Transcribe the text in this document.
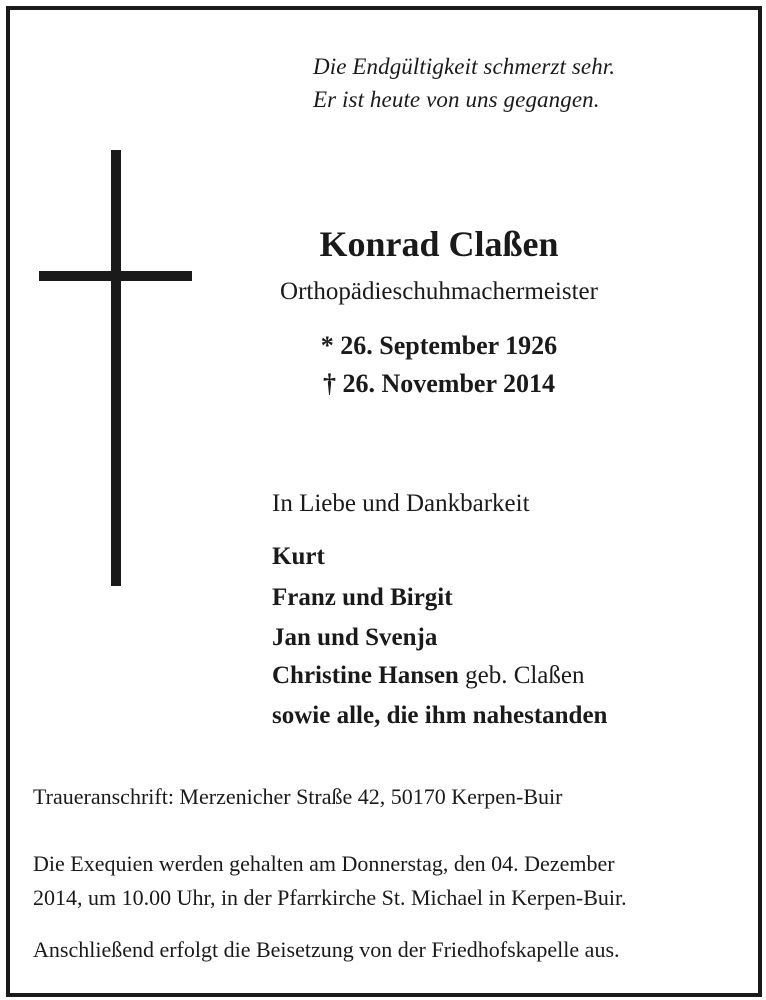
Die Endgültigkeit schmerzt sehr.
Er ist heute von uns gegangen.
Konrad Claßen
Orthopädieschuhmachermeister
* 26. September 1926
† 26. November 2014
In Liebe und Dankbarkeit
Kurt
Franz und Birgit
Jan und Svenja
Christine Hansen geb. Claßen
sowie alle, die ihm nahestanden
Traueranschrift: Merzenicher Straße 42, 50170 Kerpen-Buir
Die Exequien werden gehalten am Donnerstag, den 04. Dezember
2014, um 10.00 Uhr, in der Pfarrkirche St. Michael in Kerpen-Buir.
Anschließend erfolgt die Beisetzung von der Friedhofskapelle aus.
